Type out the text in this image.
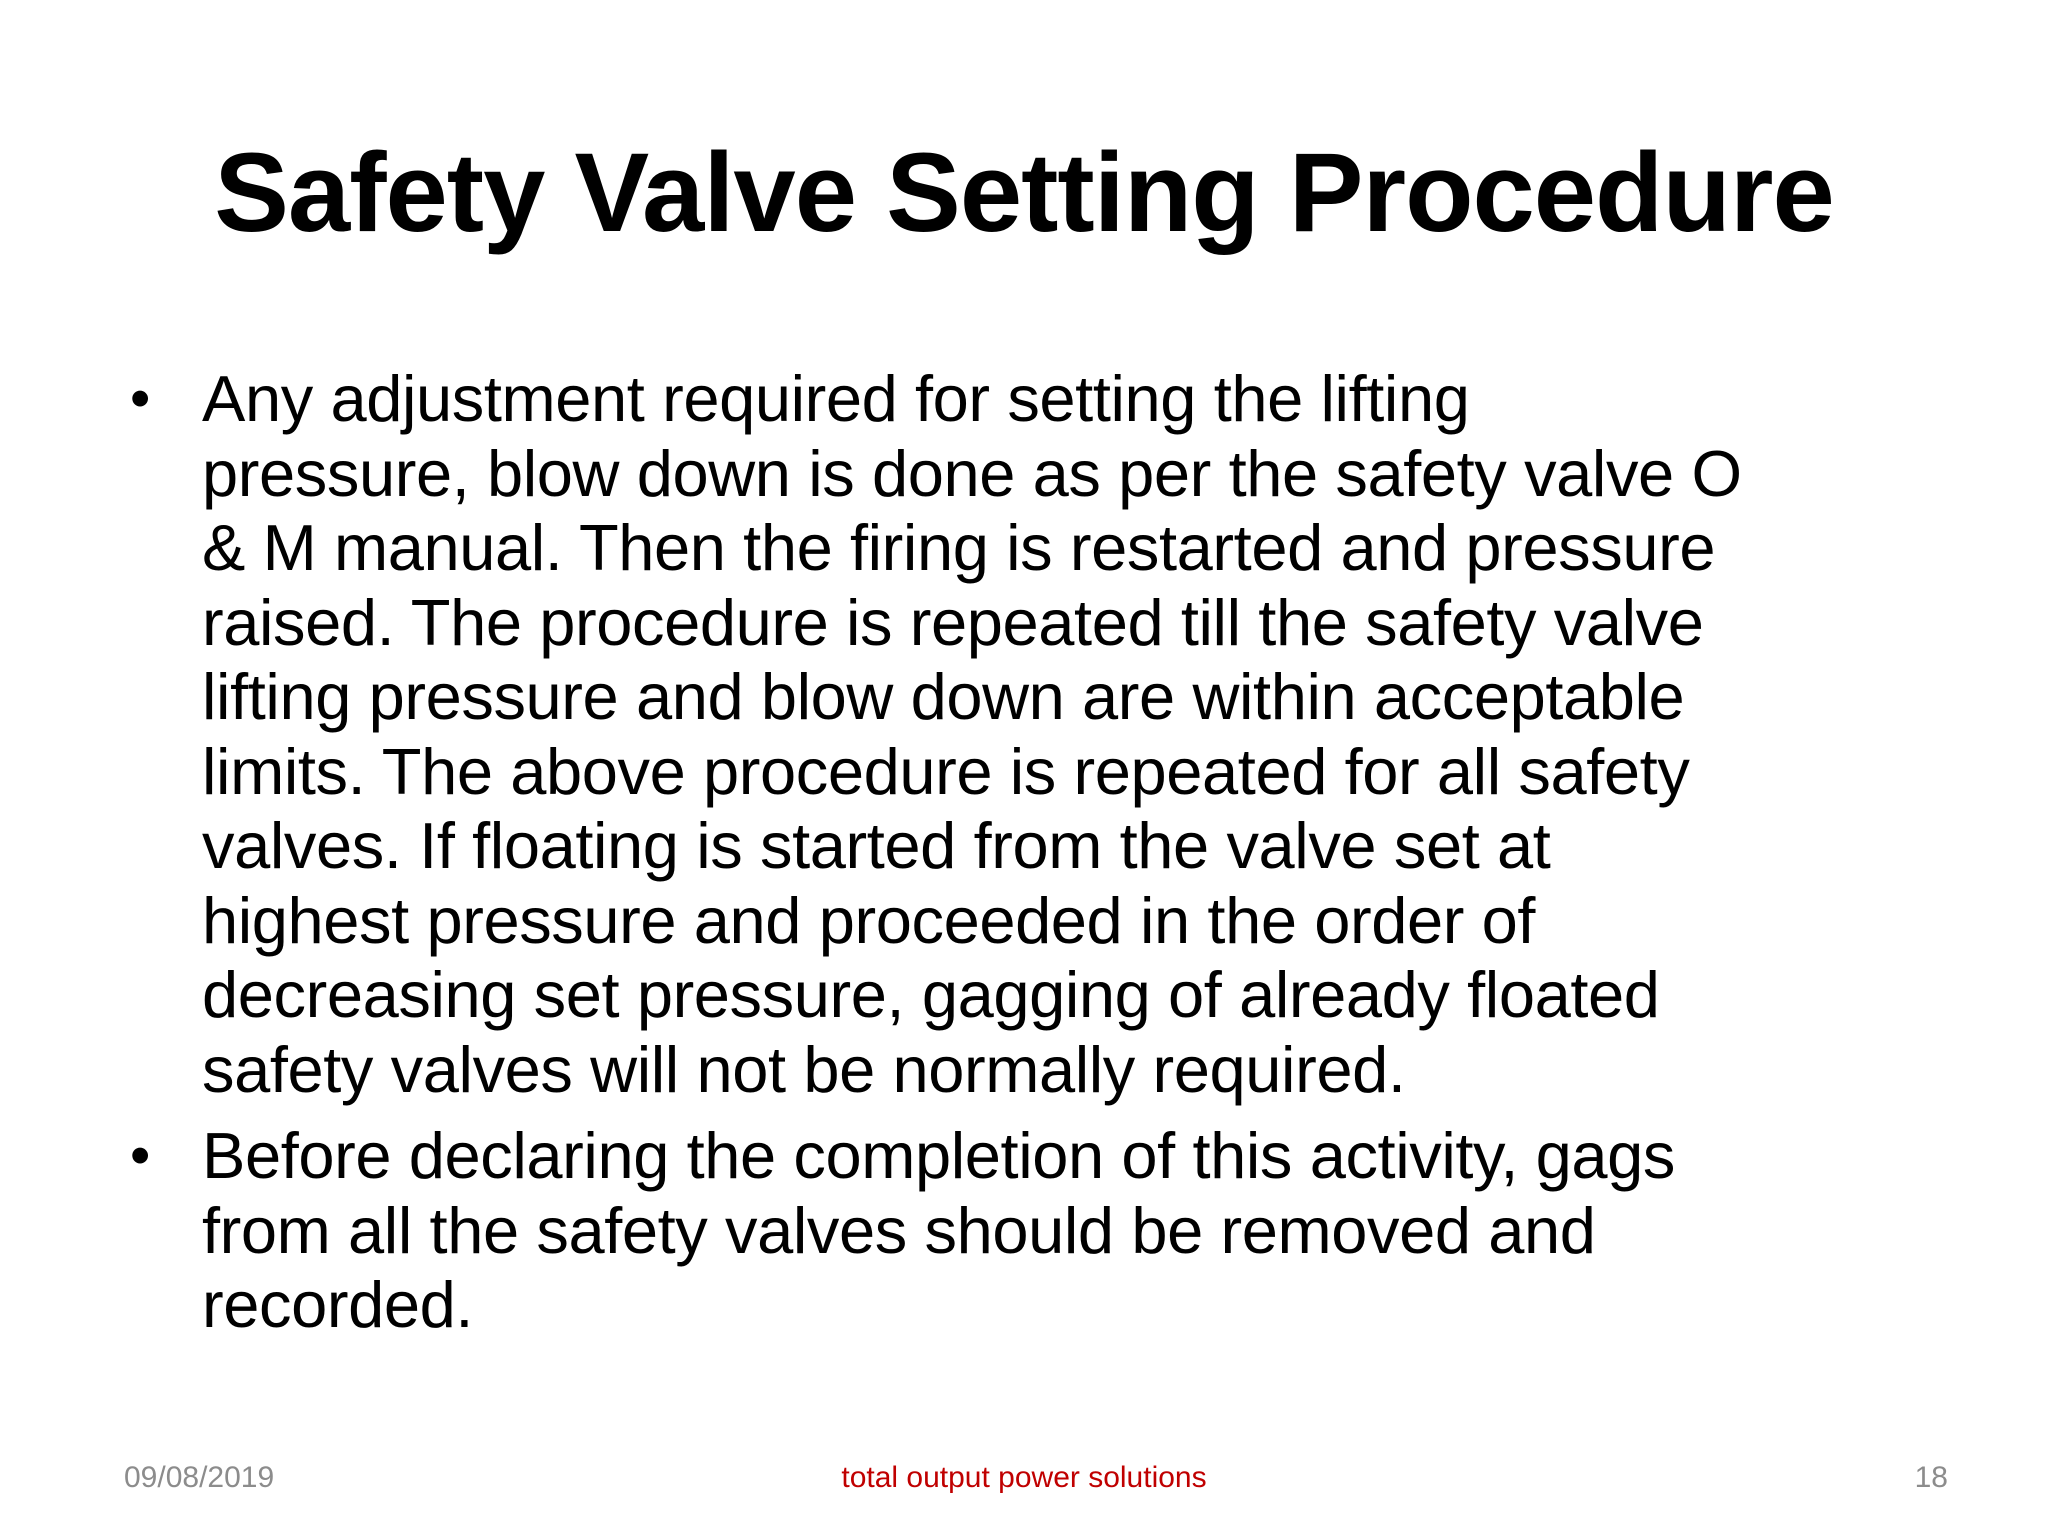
Safety Valve Setting Procedure
• Any adjustment required for setting the lifting
pressure, blow down is done as per the safety valve O
& M manual. Then the firing is restarted and pressure
raised. The procedure is repeated till the safety valve
lifting pressure and blow down are within acceptable
limits. The above procedure is repeated for all safety
valves. If floating is started from the valve set at
highest pressure and proceeded in the order of
decreasing set pressure, gagging of already floated
safety valves will not be normally required.
• Before declaring the completion of this activity, gags
from all the safety valves should be removed and
recorded.
09/08/2019	total output power solutions	18
